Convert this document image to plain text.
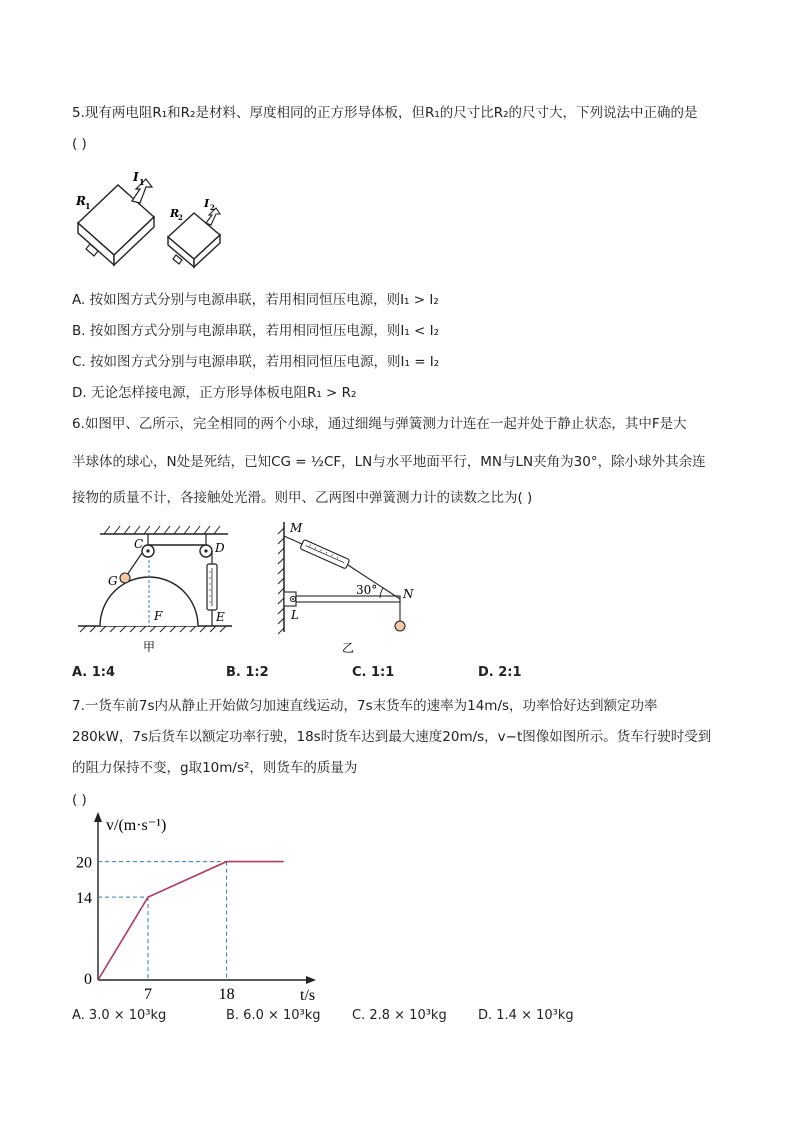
5.现有两电阻R₁和R₂是材料、厚度相同的正方形导体板，但R₁的尺寸比R₂的尺寸大，下列说法中正确的是
( )
R 1
I 1
R
2
I 2
A. 按如图方式分别与电源串联，若用相同恒压电源，则I₁ > I₂
B. 按如图方式分别与电源串联，若用相同恒压电源，则I₁ < I₂
C. 按如图方式分别与电源串联，若用相同恒压电源，则I₁ = I₂
D. 无论怎样接电源，正方形导体板电阻R₁ > R₂
6.如图甲、乙所示，完全相同的两个小球，通过细绳与弹簧测力计连在一起并处于静止状态，其中F是大
半球体的球心，N处是死结，已知CG = ½CF，LN与水平地面平行，MN与LN夹角为30°，除小球外其余连
接物的质量不计，各接触处光滑。则甲、乙两图中弹簧测力计的读数之比为( )
C	D
G
F	E
甲
M
N
L
30°
乙
A. 1:4	B. 1:2	C. 1:1	D. 2:1
7.一货车前7s内从静止开始做匀加速直线运动，7s末货车的速率为14m/s，功率恰好达到额定功率
280kW，7s后货车以额定功率行驶，18s时货车达到最大速度20m/s，v−t图像如图所示。货车行驶时受到
的阻力保持不变，g取10m/s²，则货车的质量为
( )
0
7	18
14
20
t/s
v/(m·s⁻¹)
A. 3.0 × 10³kg	B. 6.0 × 10³kg C. 2.8 × 10³kg D. 1.4 × 10³kg
